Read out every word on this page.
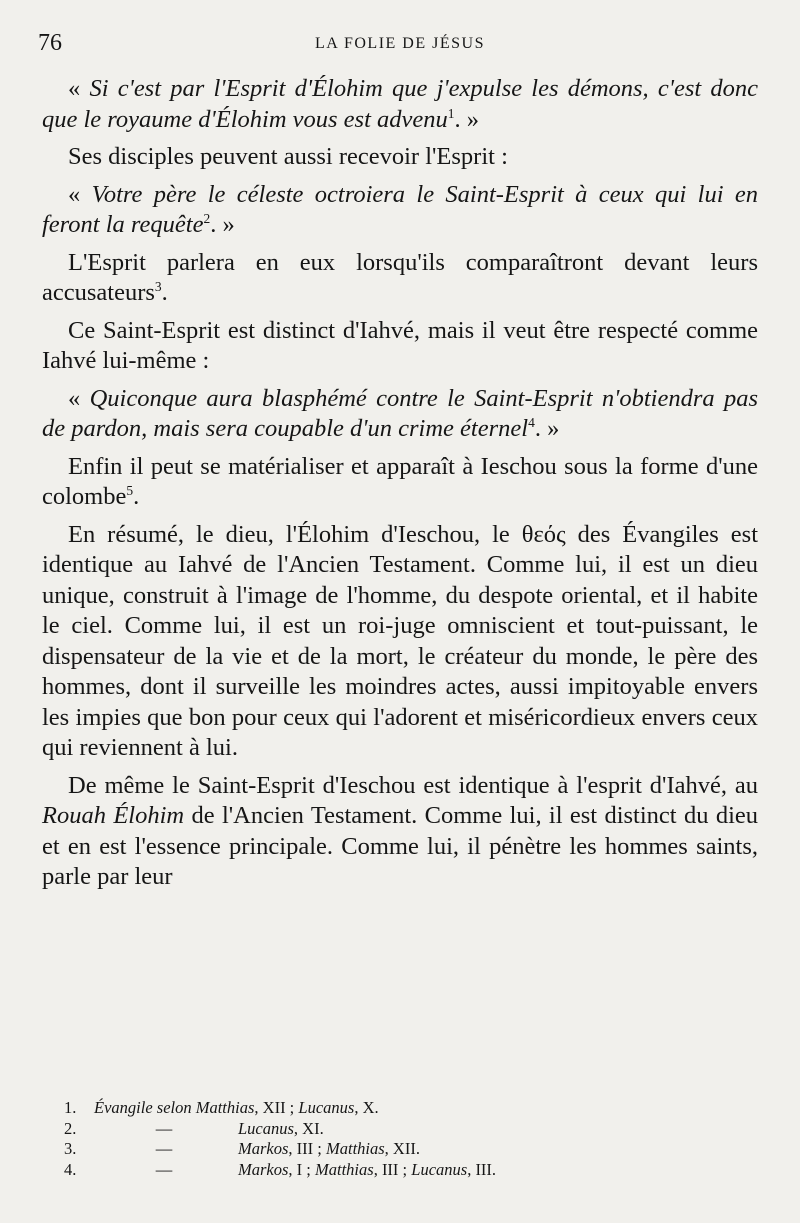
76	LA FOLIE DE JÉSUS

« Si c'est par l'Esprit d'Élohim que j'expulse les démons, c'est donc que le royaume d'Élohim vous est advenu$^1$. »

Ses disciples peuvent aussi recevoir l'Esprit :

« Votre père le céleste octroiera le Saint-Esprit à ceux qui lui en feront la requête$^2$. »

L'Esprit parlera en eux lorsqu'ils comparaîtront devant leurs accusateurs$^3$.

Ce Saint-Esprit est distinct d'Iahvé, mais il veut être respecté comme Iahvé lui-même :

« Quiconque aura blasphémé contre le Saint-Esprit n'obtiendra pas de pardon, mais sera coupable d'un crime éternel$^4$. »

Enfin il peut se matérialiser et apparaît à Ieschou sous la forme d'une colombe$^5$.

En résumé, le dieu, l'Élohim d'Ieschou, le θεός des Évangiles est identique au Iahvé de l'Ancien Testament. Comme lui, il est un dieu unique, construit à l'image de l'homme, du despote oriental, et il habite le ciel. Comme lui, il est un roi-juge omniscient et tout-puissant, le dispensateur de la vie et de la mort, le créateur du monde, le père des hommes, dont il surveille les moindres actes, aussi impitoyable envers les impies que bon pour ceux qui l'adorent et miséricordieux envers ceux qui reviennent à lui.

De même le Saint-Esprit d'Ieschou est identique à l'esprit d'Iahvé, au Rouah Élohim de l'Ancien Testament. Comme lui, il est distinct du dieu et en est l'essence principale. Comme lui, il pénètre les hommes saints, parle par leur

1.	Évangile selon Matthias, XII ; Lucanus, X.
2.	—	Lucanus, XI.
3.	—	Markos, III ; Matthias, XII.
4.	—	Markos, I ; Matthias, III ; Lucanus, III.
